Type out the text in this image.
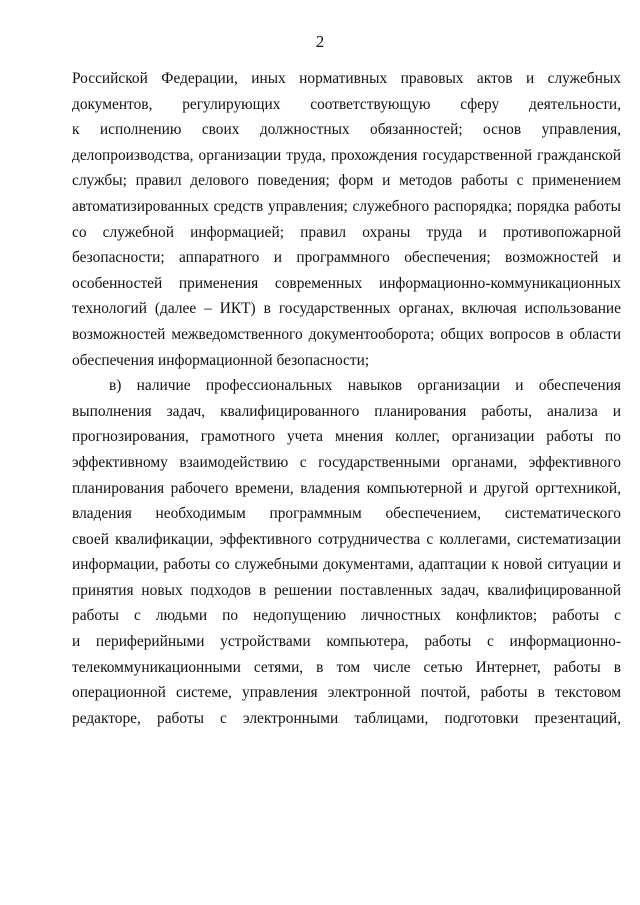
2
Российской Федерации, иных нормативных правовых актов и служебных
документов, регулирующих соответствующую сферу деятельности,
к исполнению своих должностных обязанностей; основ управления,
делопроизводства, организации труда, прохождения государственной гражданской
службы; правил делового поведения; форм и методов работы с применением
автоматизированных средств управления; служебного распорядка; порядка работы
со служебной информацией; правил охраны труда и противопожарной
безопасности; аппаратного и программного обеспечения; возможностей и
особенностей применения современных информационно-коммуникационных
технологий (далее – ИКТ) в государственных органах, включая использование
возможностей межведомственного документооборота; общих вопросов в области
обеспечения информационной безопасности;
в) наличие профессиональных навыков организации и обеспечения
выполнения задач, квалифицированного планирования работы, анализа и
прогнозирования, грамотного учета мнения коллег, организации работы по
эффективному взаимодействию с государственными органами, эффективного
планирования рабочего времени, владения компьютерной и другой оргтехникой,
владения необходимым программным обеспечением, систематического
своей квалификации, эффективного сотрудничества с коллегами, систематизации
информации, работы со служебными документами, адаптации к новой ситуации и
принятия новых подходов в решении поставленных задач, квалифицированной
работы с людьми по недопущению личностных конфликтов; работы с
и периферийными устройствами компьютера, работы с информационно-
телекоммуникационными сетями, в том числе сетью Интернет, работы в
операционной системе, управления электронной почтой, работы в текстовом
редакторе, работы с электронными таблицами, подготовки презентаций,
